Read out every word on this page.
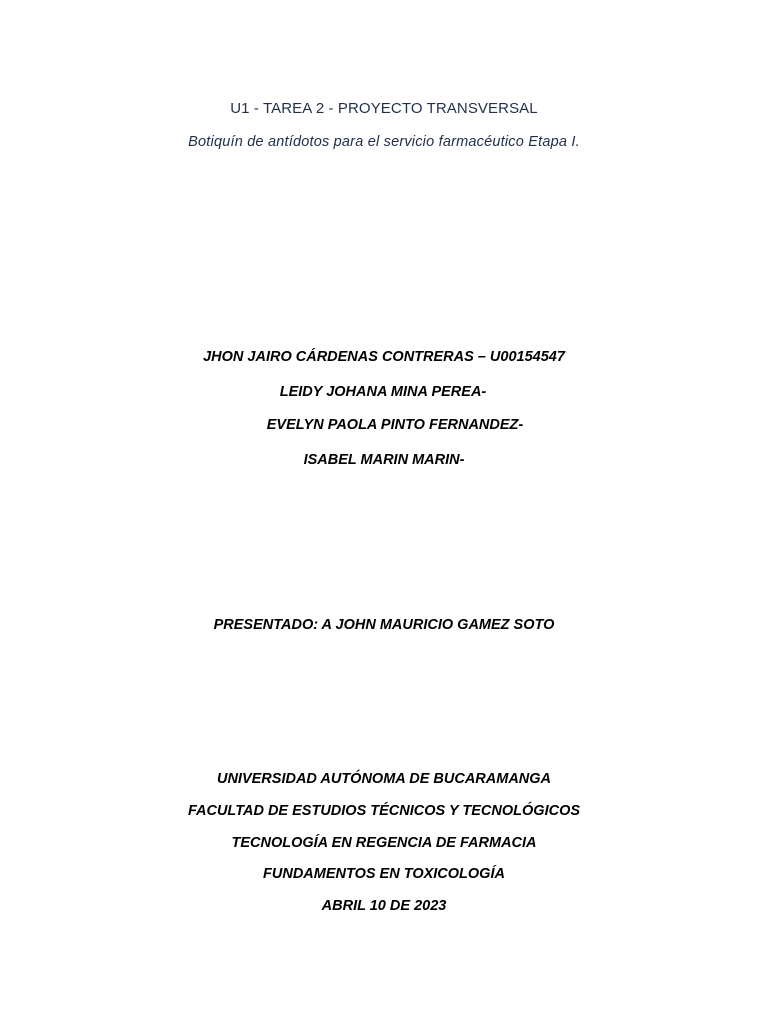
U1 - TAREA 2 - PROYECTO TRANSVERSAL
Botiquín de antídotos para el servicio farmacéutico Etapa I.
JHON JAIRO CÁRDENAS CONTRERAS – U00154547
LEIDY JOHANA MINA PEREA-
EVELYN PAOLA PINTO FERNANDEZ-
ISABEL MARIN MARIN-
PRESENTADO: A JOHN MAURICIO GAMEZ SOTO
UNIVERSIDAD AUTÓNOMA DE BUCARAMANGA
FACULTAD DE ESTUDIOS TÉCNICOS Y TECNOLÓGICOS
TECNOLOGÍA EN REGENCIA DE FARMACIA
FUNDAMENTOS EN TOXICOLOGÍA
ABRIL 10 DE 2023
